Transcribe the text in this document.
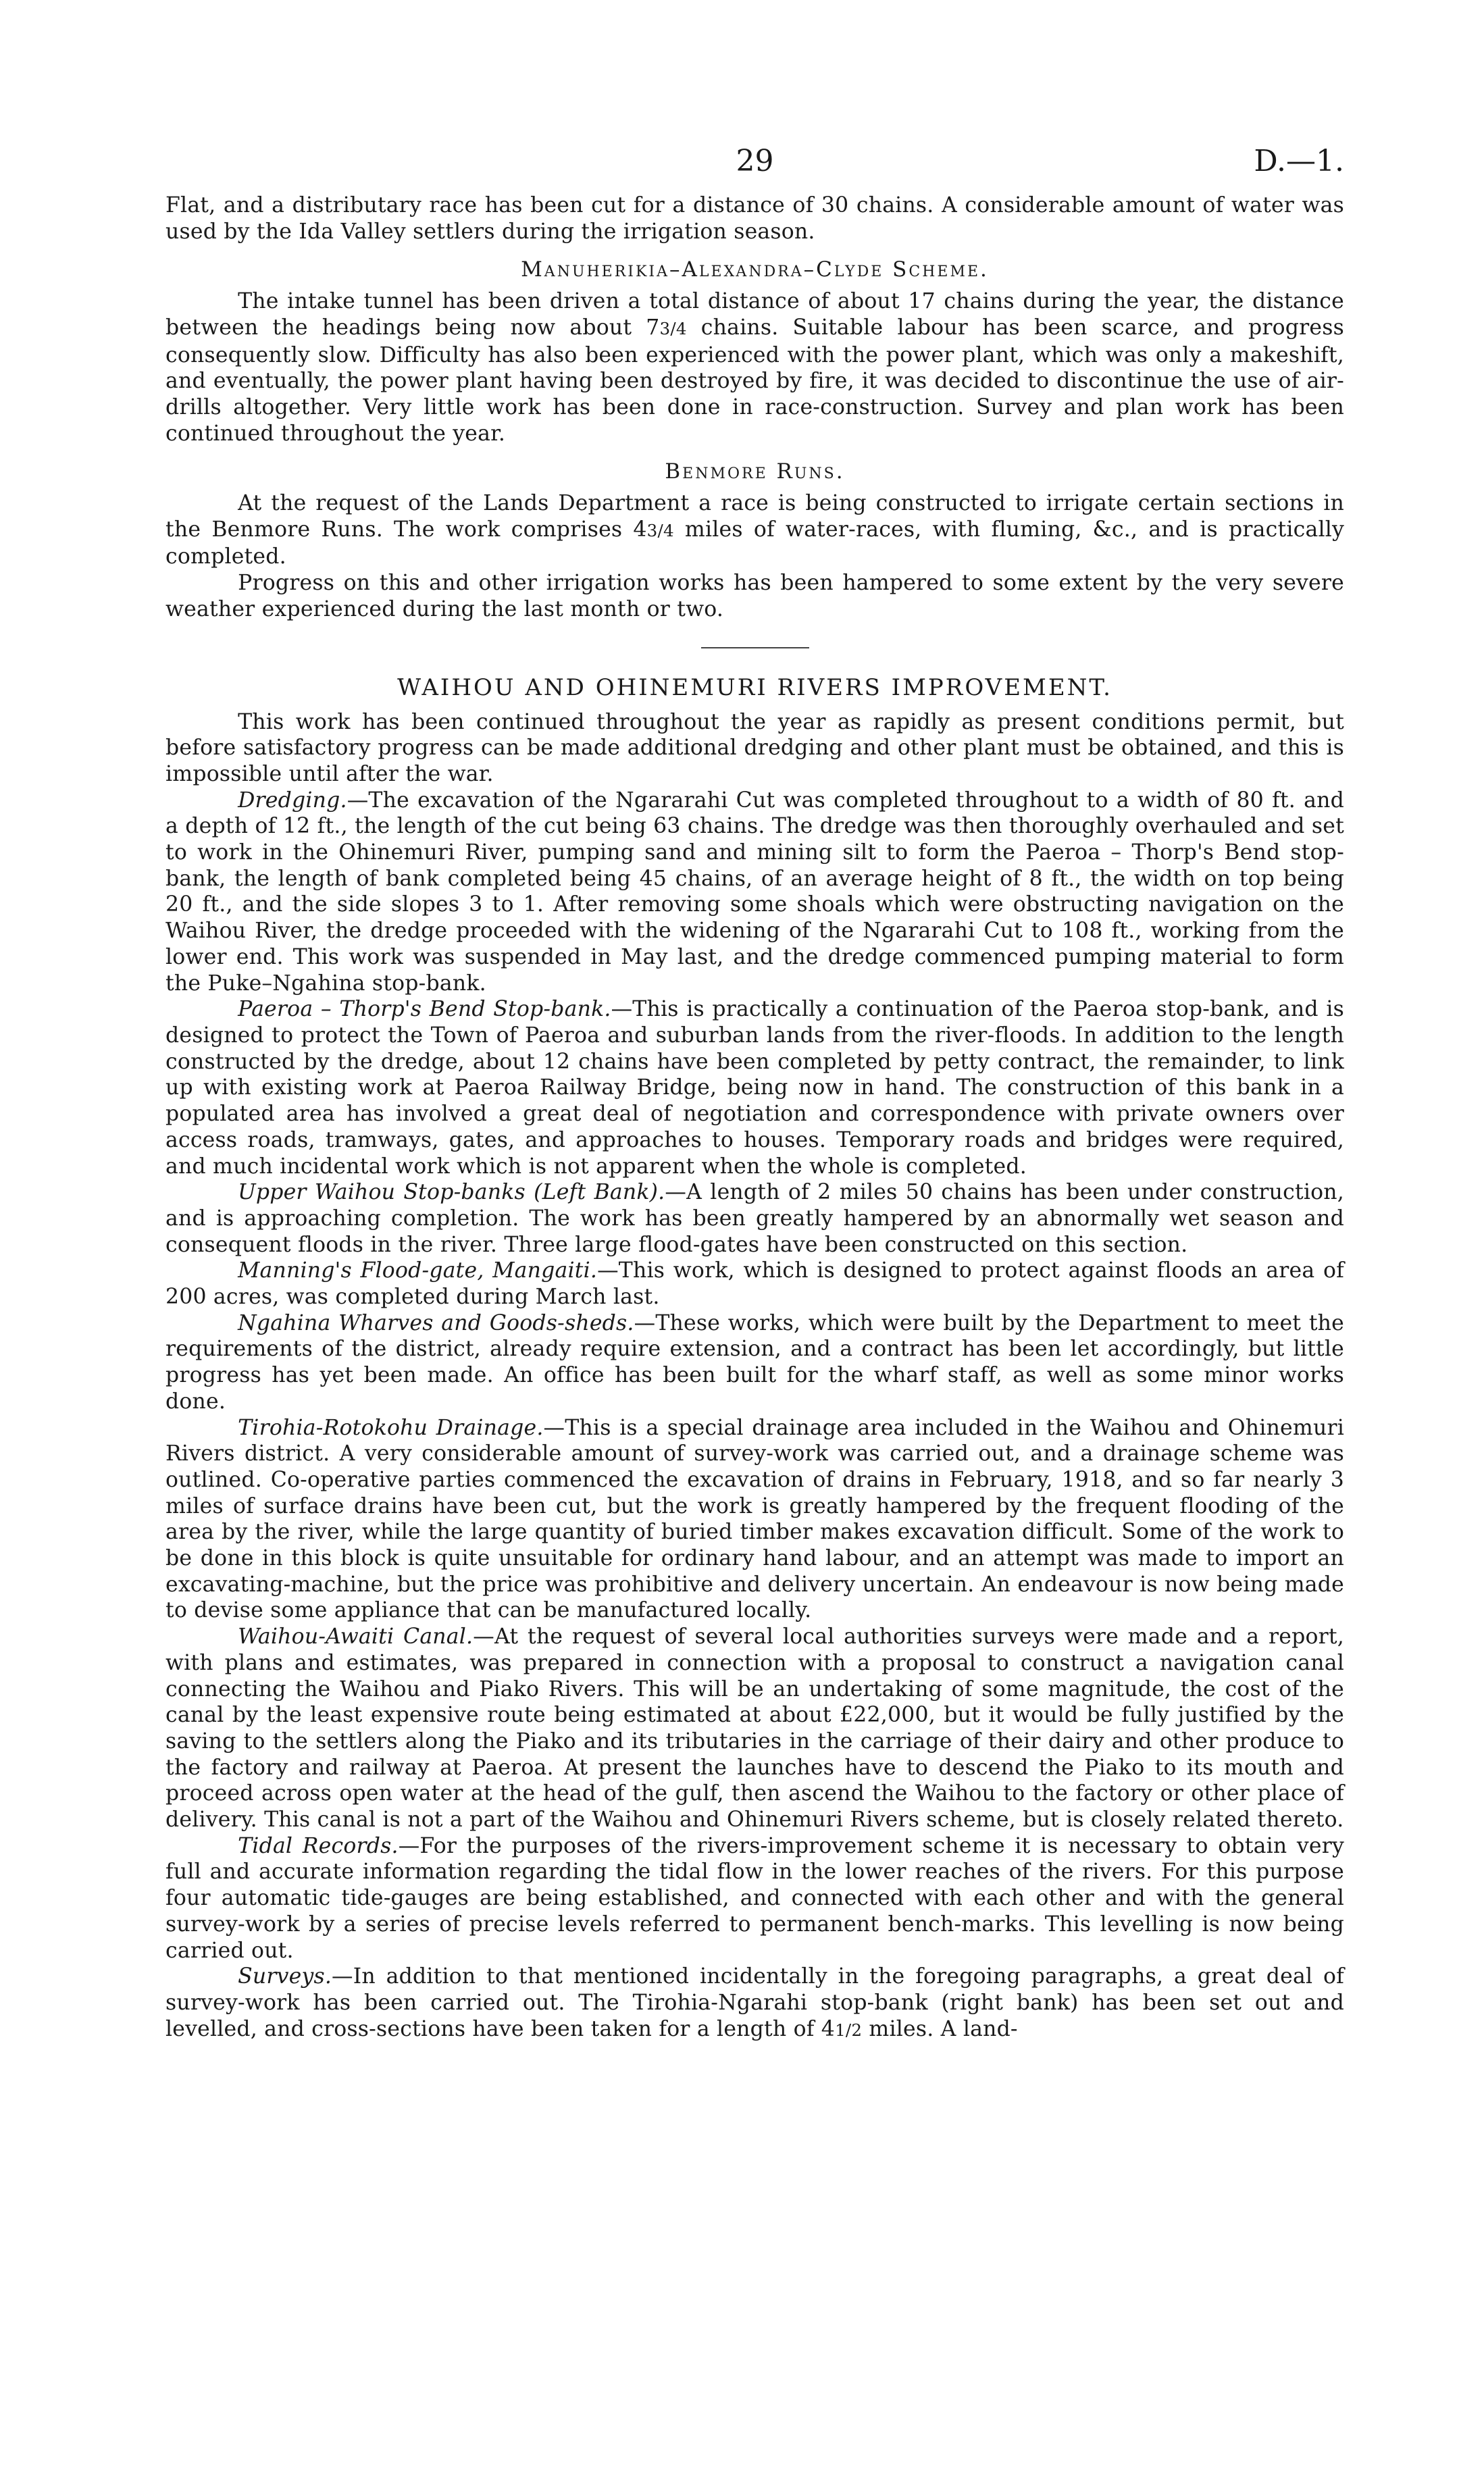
29	D.—1.

Flat, and a distributary race has been cut for a distance of 30 chains. A considerable amount of water was used by the Ida Valley settlers during the irrigation season.

Manuherikia–Alexandra–Clyde Scheme.

The intake tunnel has been driven a total distance of about 17 chains during the year, the distance between the headings being now about 73/4 chains. Suitable labour has been scarce, and progress consequently slow. Difficulty has also been experienced with the power plant, which was only a makeshift, and eventually, the power plant having been destroyed by fire, it was decided to discontinue the use of air-drills altogether. Very little work has been done in race-construction. Survey and plan work has been continued throughout the year.

Benmore Runs.

At the request of the Lands Department a race is being constructed to irrigate certain sections in the Benmore Runs. The work comprises 43/4 miles of water-races, with fluming, &c., and is practically completed.

Progress on this and other irrigation works has been hampered to some extent by the very severe weather experienced during the last month or two.

WAIHOU AND OHINEMURI RIVERS IMPROVEMENT.

This work has been continued throughout the year as rapidly as present conditions permit, but before satisfactory progress can be made additional dredging and other plant must be obtained, and this is impossible until after the war.

Dredging.—The excavation of the Ngararahi Cut was completed throughout to a width of 80 ft. and a depth of 12 ft., the length of the cut being 63 chains. The dredge was then thoroughly overhauled and set to work in the Ohinemuri River, pumping sand and mining silt to form the Paeroa – Thorp's Bend stop-bank, the length of bank completed being 45 chains, of an average height of 8 ft., the width on top being 20 ft., and the side slopes 3 to 1. After removing some shoals which were obstructing navigation on the Waihou River, the dredge proceeded with the widening of the Ngararahi Cut to 108 ft., working from the lower end. This work was suspended in May last, and the dredge commenced pumping material to form the Puke–Ngahina stop-bank.

Paeroa – Thorp's Bend Stop-bank.—This is practically a continuation of the Paeroa stop-bank, and is designed to protect the Town of Paeroa and suburban lands from the river-floods. In addition to the length constructed by the dredge, about 12 chains have been completed by petty contract, the remainder, to link up with existing work at Paeroa Railway Bridge, being now in hand. The construction of this bank in a populated area has involved a great deal of negotiation and correspondence with private owners over access roads, tramways, gates, and approaches to houses. Temporary roads and bridges were required, and much incidental work which is not apparent when the whole is completed.

Upper Waihou Stop-banks (Left Bank).—A length of 2 miles 50 chains has been under construction, and is approaching completion. The work has been greatly hampered by an abnormally wet season and consequent floods in the river. Three large flood-gates have been constructed on this section.

Manning's Flood-gate, Mangaiti.—This work, which is designed to protect against floods an area of 200 acres, was completed during March last.

Ngahina Wharves and Goods-sheds.—These works, which were built by the Department to meet the requirements of the district, already require extension, and a contract has been let accordingly, but little progress has yet been made. An office has been built for the wharf staff, as well as some minor works done.

Tirohia-Rotokohu Drainage.—This is a special drainage area included in the Waihou and Ohinemuri Rivers district. A very considerable amount of survey-work was carried out, and a drainage scheme was outlined. Co-operative parties commenced the excavation of drains in February, 1918, and so far nearly 3 miles of surface drains have been cut, but the work is greatly hampered by the frequent flooding of the area by the river, while the large quantity of buried timber makes excavation difficult. Some of the work to be done in this block is quite unsuitable for ordinary hand labour, and an attempt was made to import an excavating-machine, but the price was prohibitive and delivery uncertain. An endeavour is now being made to devise some appliance that can be manufactured locally.

Waihou-Awaiti Canal.—At the request of several local authorities surveys were made and a report, with plans and estimates, was prepared in connection with a proposal to construct a navigation canal connecting the Waihou and Piako Rivers. This will be an undertaking of some magnitude, the cost of the canal by the least expensive route being estimated at about £22,000, but it would be fully justified by the saving to the settlers along the Piako and its tributaries in the carriage of their dairy and other produce to the factory and railway at Paeroa. At present the launches have to descend the Piako to its mouth and proceed across open water at the head of the gulf, then ascend the Waihou to the factory or other place of delivery. This canal is not a part of the Waihou and Ohinemuri Rivers scheme, but is closely related thereto.

Tidal Records.—For the purposes of the rivers-improvement scheme it is necessary to obtain very full and accurate information regarding the tidal flow in the lower reaches of the rivers. For this purpose four automatic tide-gauges are being established, and connected with each other and with the general survey-work by a series of precise levels referred to permanent bench-marks. This levelling is now being carried out.

Surveys.—In addition to that mentioned incidentally in the foregoing paragraphs, a great deal of survey-work has been carried out. The Tirohia-Ngarahi stop-bank (right bank) has been set out and levelled, and cross-sections have been taken for a length of 41/2 miles. A land-
